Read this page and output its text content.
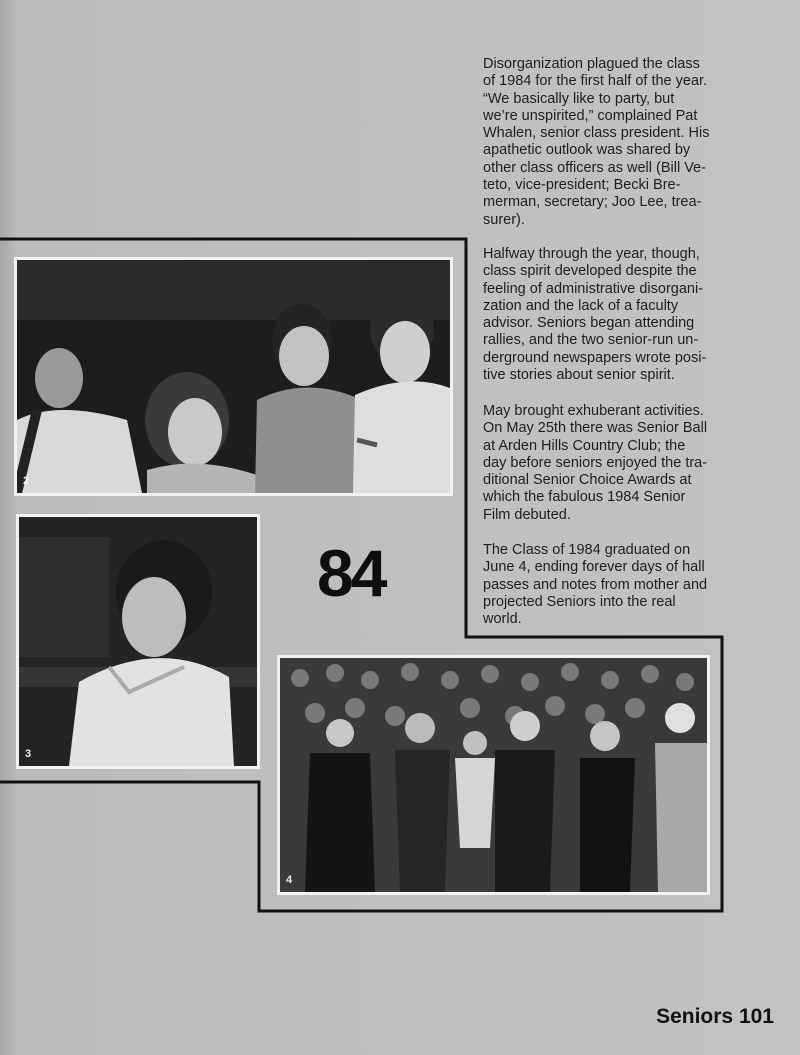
Disorganization plagued the class
of 1984 for the first half of the year.
“We basically like to party, but
we’re unspirited,” complained Pat
Whalen, senior class president. His
apathetic outlook was shared by
other class officers as well (Bill Ve-
teto, vice-president; Becki Bre-
merman, secretary; Joo Lee, trea-
surer).

Halfway through the year, though,
class spirit developed despite the
feeling of administrative disorgani-
zation and the lack of a faculty
advisor. Seniors began attending
rallies, and the two senior-run un-
derground newspapers wrote posi-
tive stories about senior spirit.

May brought exhuberant activities.
On May 25th there was Senior Ball
at Arden Hills Country Club; the
day before seniors enjoyed the tra-
ditional Senior Choice Awards at
which the fabulous 1984 Senior
Film debuted.

The Class of 1984 graduated on
June 4, ending forever days of hall
passes and notes from mother and
projected Seniors into the real
world.

2
3
84
4
Seniors 101
